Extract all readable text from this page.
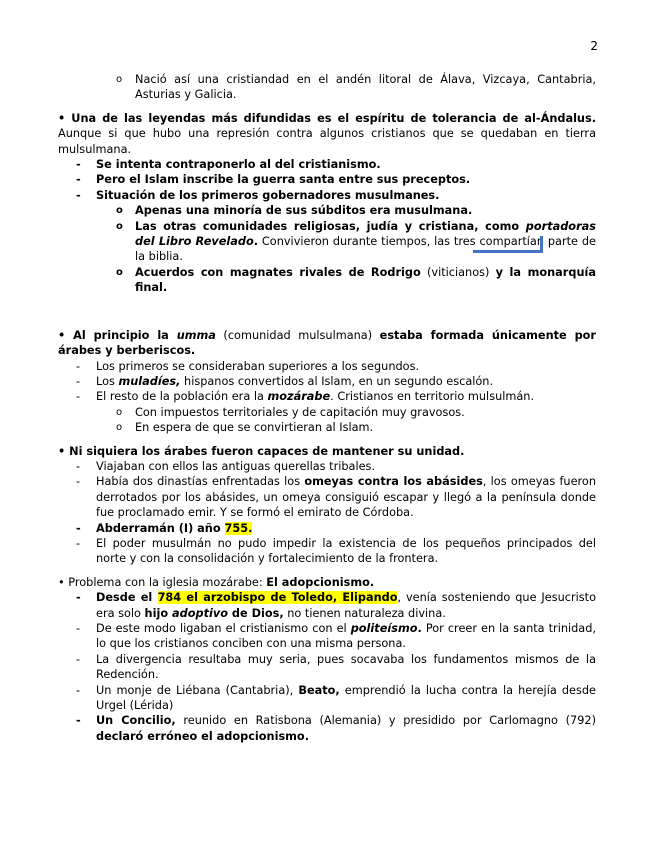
2
o Nació así una cristiandad en el andén litoral de Álava, Vizcaya, Cantabria, Asturias y Galicia.
• Una de las leyendas más difundidas es el espíritu de tolerancia de al-Ándalus. Aunque si que hubo una represión contra algunos cristianos que se quedaban en tierra mulsulmana.
- Se intenta contraponerlo al del cristianismo.
- Pero el Islam inscribe la guerra santa entre sus preceptos.
- Situación de los primeros gobernadores musulmanes.
o Apenas una minoría de sus súbditos era musulmana.
o Las otras comunidades religiosas, judía y cristiana, como portadoras del Libro Revelado. Convivieron durante tiempos, las tres compartían parte de la biblia.
o Acuerdos con magnates rivales de Rodrigo (viticianos) y la monarquía final.
• Al principio la umma (comunidad mulsulmana) estaba formada únicamente por árabes y berberiscos.
- Los primeros se consideraban superiores a los segundos.
- Los muladíes, hispanos convertidos al Islam, en un segundo escalón.
- El resto de la población era la mozárabe. Cristianos en territorio mulsulmán.
o Con impuestos territoriales y de capitación muy gravosos.
o En espera de que se convirtieran al Islam.
• Ni siquiera los árabes fueron capaces de mantener su unidad.
- Viajaban con ellos las antiguas querellas tribales.
- Había dos dinastías enfrentadas los omeyas contra los abásides, los omeyas fueron derrotados por los abásides, un omeya consiguió escapar y llegó a la península donde fue proclamado emir. Y se formó el emirato de Córdoba.
- Abderramán (I) año 755.
- El poder musulmán no pudo impedir la existencia de los pequeños principados del norte y con la consolidación y fortalecimiento de la frontera.
• Problema con la iglesia mozárabe: El adopcionismo.
- Desde el 784 el arzobispo de Toledo, Elipando, venía sosteniendo que Jesucristo era solo hijo adoptivo de Dios, no tienen naturaleza divina.
- De este modo ligaban el cristianismo con el politeísmo. Por creer en la santa trinidad, lo que los cristianos conciben con una misma persona.
- La divergencia resultaba muy seria, pues socavaba los fundamentos mismos de la Redención.
- Un monje de Liébana (Cantabria), Beato, emprendió la lucha contra la herejía desde Urgel (Lérida)
- Un Concilio, reunido en Ratisbona (Alemania) y presidido por Carlomagno (792) declaró erróneo el adopcionismo.
